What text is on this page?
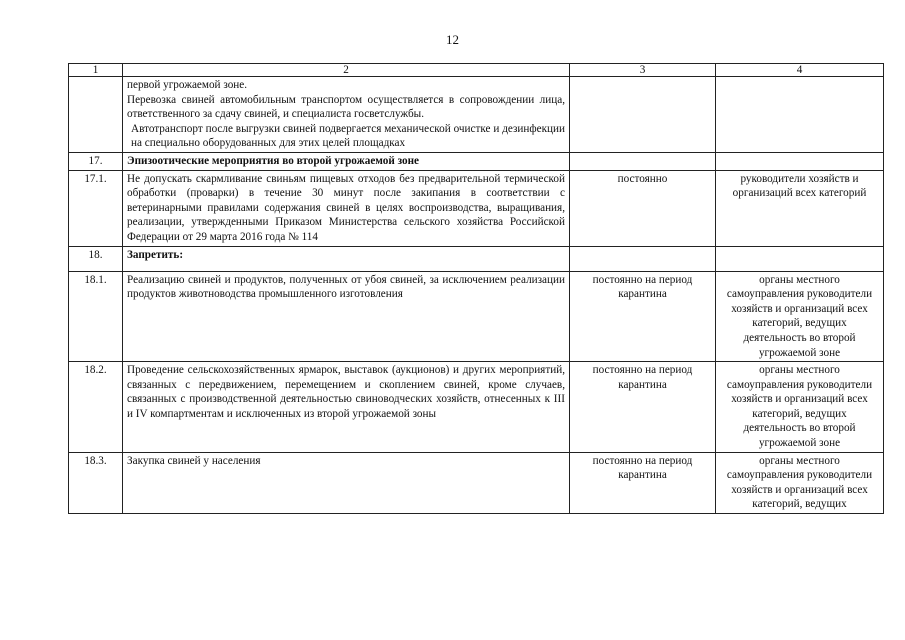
12
1	2	3	4

	первой угрожаемой зоне.
Перевозка свиней автомобильным транспортом осуществляется в сопровождении лица, ответственного за сдачу свиней, и специалиста госветслужбы.
Автотранспорт после выгрузки свиней подвергается механической очистке и дезинфекции на специально оборудованных для этих целей площадках		

17.	Эпизоотические мероприятия во второй угрожаемой зоне		
17.1.	Не допускать скармливание свиньям пищевых отходов без предварительной термической обработки (проварки) в течение 30 минут после закипания в соответствии с ветеринарными правилами содержания свиней в целях воспроизводства, выращивания, реализации, утвержденными Приказом Министерства сельского хозяйства Российской Федерации от 29 марта 2016 года № 114	постоянно	руководители хозяйств и организаций всех категорий
18.	Запретить:		
18.1.	Реализацию свиней и продуктов, полученных от убоя свиней, за исключением реализации продуктов животноводства промышленного изготовления	постоянно на период карантина	органы местного самоуправления руководители хозяйств и организаций всех категорий, ведущих деятельность во второй угрожаемой зоне
18.2.	Проведение сельскохозяйственных ярмарок, выставок (аукционов) и других мероприятий, связанных с передвижением, перемещением и скоплением свиней, кроме случаев, связанных с производственной деятельностью свиноводческих хозяйств, отнесенных к III и IV компартментам и исключенных из второй угрожаемой зоны	постоянно на период карантина	органы местного самоуправления руководители хозяйств и организаций всех категорий, ведущих деятельность во второй угрожаемой зоне
18.3.	Закупка свиней у населения	постоянно на период карантина	органы местного самоуправления руководители хозяйств и организаций всех категорий, ведущих
